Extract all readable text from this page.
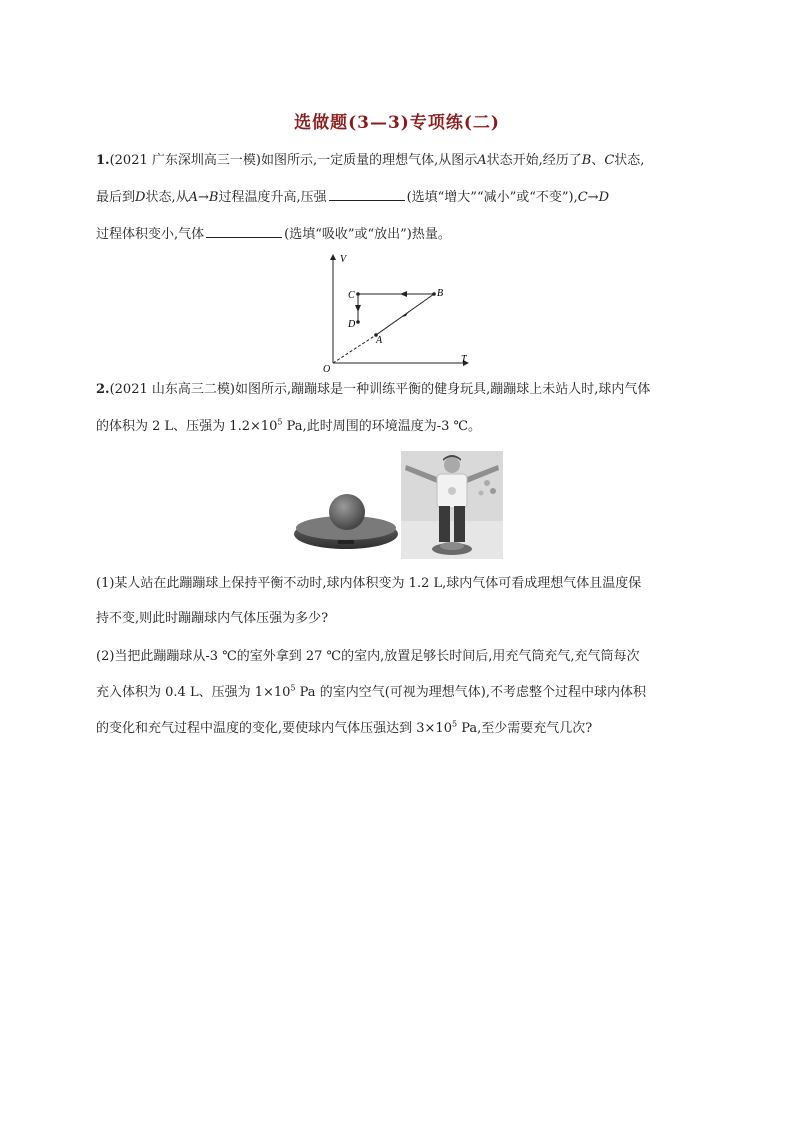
选做题(3—3)专项练(二)
1.(2021 广东深圳高三一模)如图所示,一定质量的理想气体,从图示A状态开始,经历了B、C状态,
最后到D状态,从A→B过程温度升高,压强	(选填“增大”“减小”或“不变”),C→D
过程体积变小,气体	(选填“吸收”或“放出”)热量。
V
T
O
A
B
C
D
2.(2021 山东高三二模)如图所示,蹦蹦球是一种训练平衡的健身玩具,蹦蹦球上未站人时,球内气体
的体积为 2 L、压强为 $1.2\times 10^5$ Pa,此时周围的环境温度为-3 ℃。
(1)某人站在此蹦蹦球上保持平衡不动时,球内体积变为 1.2 L,球内气体可看成理想气体且温度保
持不变,则此时蹦蹦球内气体压强为多少?
(2)当把此蹦蹦球从-3 ℃的室外拿到 27 ℃的室内,放置足够长时间后,用充气筒充气,充气筒每次
充入体积为 0.4 L、压强为 $1\times 10^5$ Pa 的室内空气(可视为理想气体),不考虑整个过程中球内体积
的变化和充气过程中温度的变化,要使球内气体压强达到 $3\times 10^5$ Pa,至少需要充气几次?
